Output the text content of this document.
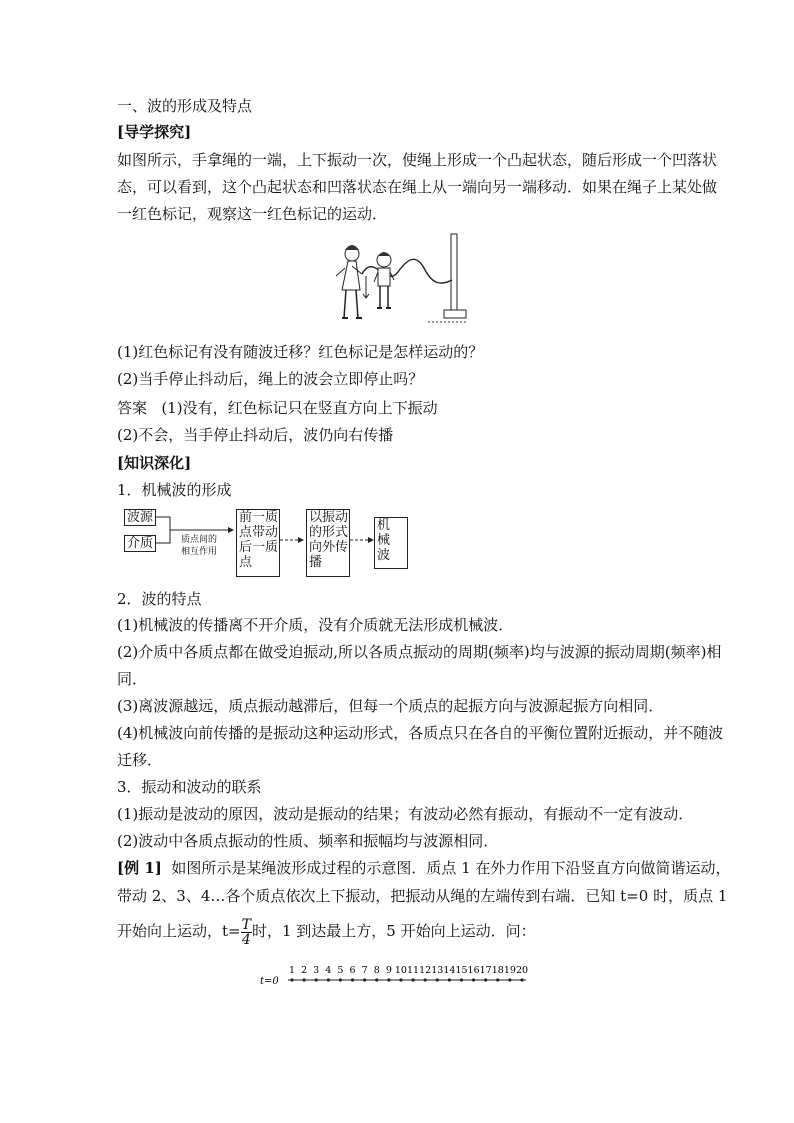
一、波的形成及特点
[导学探究]
如图所示，手拿绳的一端，上下振动一次，使绳上形成一个凸起状态，随后形成一个凹落状
态，可以看到，这个凸起状态和凹落状态在绳上从一端向另一端移动．如果在绳子上某处做
一红色标记，观察这一红色标记的运动．
(1)红色标记有没有随波迁移？红色标记是怎样运动的？
(2)当手停止抖动后，绳上的波会立即停止吗？
答案 (1)没有，红色标记只在竖直方向上下振动
(2)不会，当手停止抖动后，波仍向右传播
[知识深化]
1．机械波的形成
波源
介质	质点间的
相互作用
前一质
点带动
后一质
点
以振动
的形式
向外传
播
机
械
波
2．波的特点
(1)机械波的传播离不开介质，没有介质就无法形成机械波．
(2)介质中各质点都在做受迫振动,所以各质点振动的周期(频率)均与波源的振动周期(频率)相
同．
(3)离波源越远，质点振动越滞后，但每一个质点的起振方向与波源起振方向相同．
(4)机械波向前传播的是振动这种运动形式，各质点只在各自的平衡位置附近振动，并不随波
迁移．
3．振动和波动的联系
(1)振动是波动的原因，波动是振动的结果；有波动必然有振动，有振动不一定有波动．
(2)波动中各质点振动的性质、频率和振幅均与波源相同．
[例 1] 如图所示是某绳波形成过程的示意图．质点 1 在外力作用下沿竖直方向做简谐运动，
带动 2、3、4…各个质点依次上下振动，把振动从绳的左端传到右端．已知 t=0 时，质点 1
开始向上运动，$t= \frac{T}{4}$ 时，1 到达最上方，5 开始向上运动．问：
t=0
1 2 3 4 5 6 7 8 9 10 11 12 13 14 15 16 17 18 19 20
